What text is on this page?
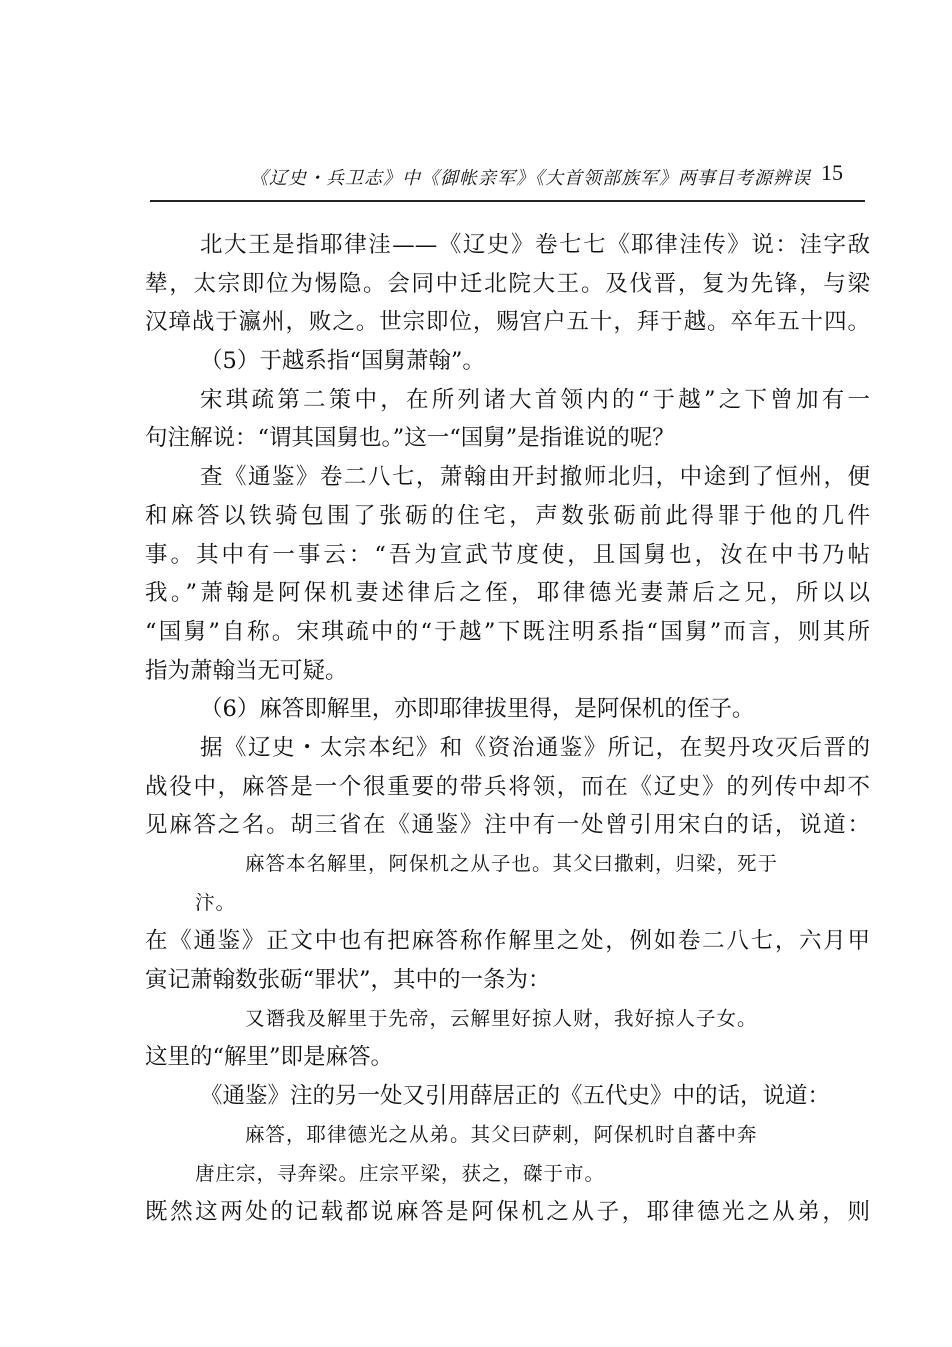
《辽史・兵卫志》中《御帐亲军》《大首领部族军》两事目考源辨误 15
北大王是指耶律洼——《辽史》卷七七《耶律洼传》说：洼字敌
辇，太宗即位为惕隐。会同中迁北院大王。及伐晋，复为先锋，与梁
汉璋战于瀛州，败之。世宗即位，赐宫户五十，拜于越。卒年五十四。
（5）于越系指“国舅萧翰”。
宋琪疏第二策中，在所列诸大首领内的“于越”之下曾加有一
句注解说：“谓其国舅也。”这一“国舅”是指谁说的呢？
查《通鉴》卷二八七，萧翰由开封撤师北归，中途到了恒州，便
和麻答以铁骑包围了张砺的住宅，声数张砺前此得罪于他的几件
事。其中有一事云：“吾为宣武节度使，且国舅也，汝在中书乃帖
我。”萧翰是阿保机妻述律后之侄，耶律德光妻萧后之兄，所以以
“国舅”自称。宋琪疏中的“于越”下既注明系指“国舅”而言，则其所
指为萧翰当无可疑。
（6）麻答即解里，亦即耶律拔里得，是阿保机的侄子。
据《辽史・太宗本纪》和《资治通鉴》所记，在契丹攻灭后晋的
战役中，麻答是一个很重要的带兵将领，而在《辽史》的列传中却不
见麻答之名。胡三省在《通鉴》注中有一处曾引用宋白的话，说道：
麻答本名解里，阿保机之从子也。其父曰撒剌，归梁，死于
汴。
在《通鉴》正文中也有把麻答称作解里之处，例如卷二八七，六月甲
寅记萧翰数张砺“罪状”，其中的一条为：
又谮我及解里于先帝，云解里好掠人财，我好掠人子女。
这里的“解里”即是麻答。
《通鉴》注的另一处又引用薛居正的《五代史》中的话，说道：
麻答，耶律德光之从弟。其父曰萨剌，阿保机时自蕃中奔
唐庄宗，寻奔梁。庄宗平梁，获之，磔于市。
既然这两处的记载都说麻答是阿保机之从子，耶律德光之从弟，则
